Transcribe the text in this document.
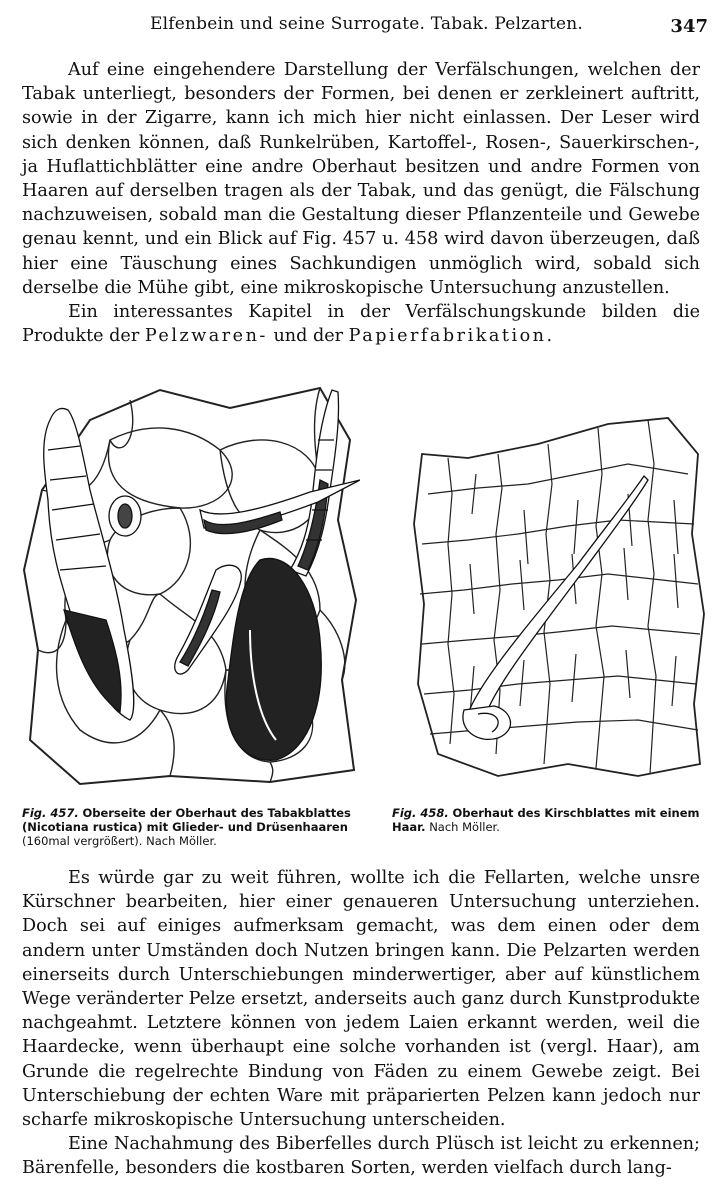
Elfenbein und seine Surrogate. Tabak. Pelzarten.	347

Auf eine eingehendere Darstellung der Verfälschungen, welchen der Tabak unterliegt, besonders der Formen, bei denen er zerkleinert auftritt, sowie in der Zigarre, kann ich mich hier nicht einlassen. Der Leser wird sich denken können, daß Runkelrüben, Kartoffel-, Rosen-, Sauerkirschen-, ja Huflattichblätter eine andre Oberhaut besitzen und andre Formen von Haaren auf derselben tragen als der Tabak, und das genügt, die Fälschung nachzuweisen, sobald man die Gestaltung dieser Pflanzenteile und Gewebe genau kennt, und ein Blick auf Fig. 457 u. 458 wird davon überzeugen, daß hier eine Täuschung eines Sachkundigen unmöglich wird, sobald sich derselbe die Mühe gibt, eine mikroskopische Untersuchung anzustellen.

Ein interessantes Kapitel in der Verfälschungskunde bilden die Produkte der Pelzwaren- und der Papierfabrikation.

Fig. 457. Oberseite der Oberhaut des Tabakblattes (Nicotiana rustica) mit Glieder- und Drüsenhaaren (160mal vergrößert). Nach Möller.
Fig. 458. Oberhaut des Kirschblattes mit einem Haar. Nach Möller.

Es würde gar zu weit führen, wollte ich die Fellarten, welche unsre Kürschner bearbeiten, hier einer genaueren Untersuchung unterziehen. Doch sei auf einiges aufmerksam gemacht, was dem einen oder dem andern unter Umständen doch Nutzen bringen kann. Die Pelzarten werden einerseits durch Unterschiebungen minderwertiger, aber auf künstlichem Wege veränderter Pelze ersetzt, anderseits auch ganz durch Kunstprodukte nachgeahmt. Letztere können von jedem Laien erkannt werden, weil die Haardecke, wenn überhaupt eine solche vorhanden ist (vergl. Haar), am Grunde die regelrechte Bindung von Fäden zu einem Gewebe zeigt. Bei Unterschiebung der echten Ware mit präparierten Pelzen kann jedoch nur scharfe mikroskopische Untersuchung unterscheiden.

Eine Nachahmung des Biberfelles durch Plüsch ist leicht zu erkennen; Bärenfelle, besonders die kostbaren Sorten, werden vielfach durch lang-
